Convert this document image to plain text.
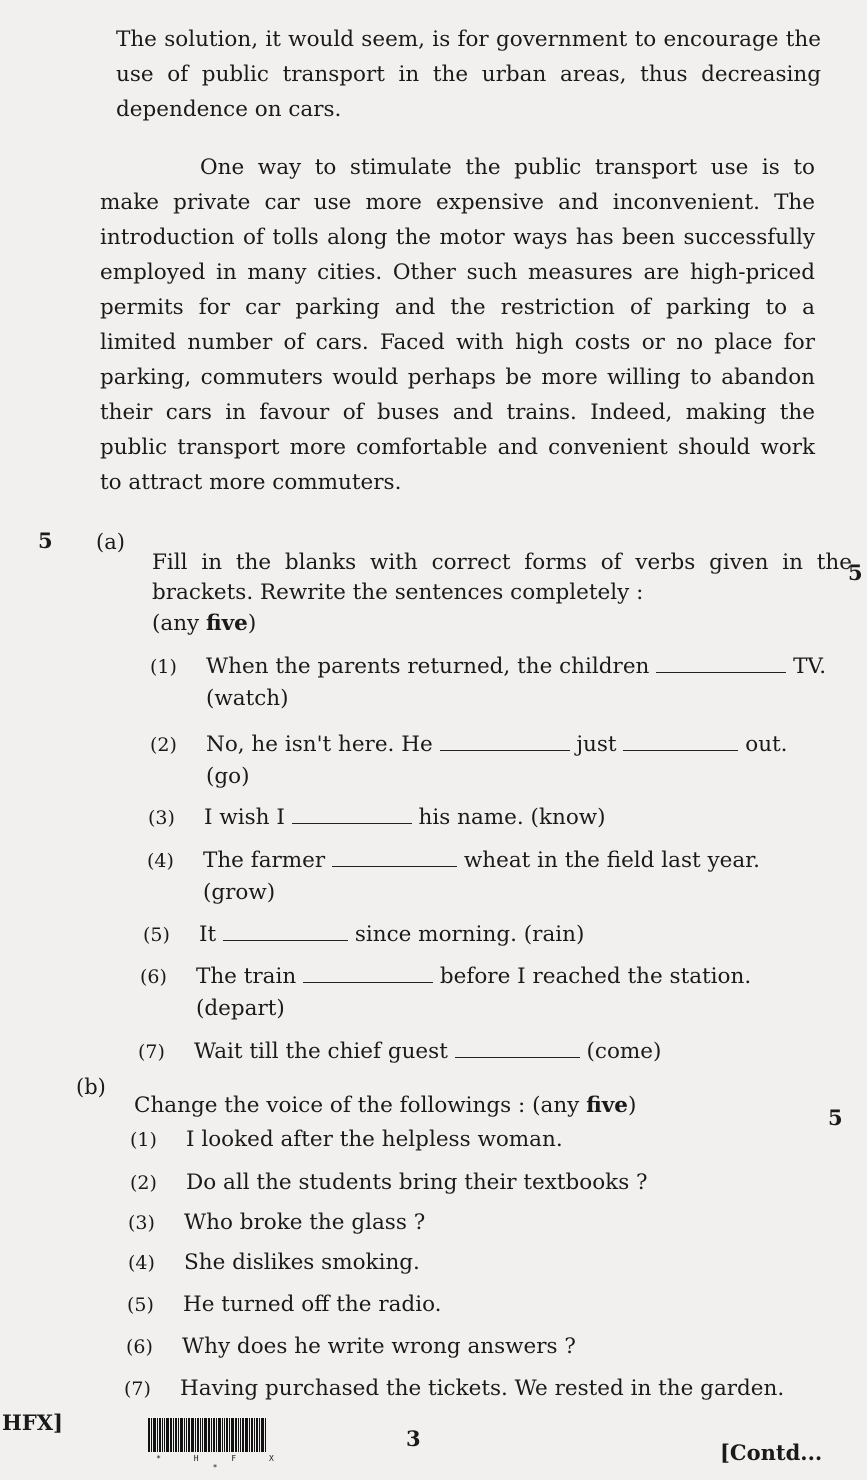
The solution, it would seem, is for government to encourage the use of public transport in the urban areas, thus decreasing dependence on cars.
One way to stimulate the public transport use is to make private car use more expensive and inconvenient. The introduction of tolls along the motor ways has been successfully employed in many cities. Other such measures are high-priced permits for car parking and the restriction of parking to a limited number of cars. Faced with high costs or no place for parking, commuters would perhaps be more willing to abandon their cars in favour of buses and trains. Indeed, making the public transport more comfortable and convenient should work to attract more commuters.
5 (a)
Fill in the blanks with correct forms of verbs given in the brackets. Rewrite the sentences completely :
(any five)
5
(1) When the parents returned, the children	TV.
(watch)
(2) No, he isn't here. He	just	out.
(go)
(3) I wish I	his name. (know)
(4) The farmer	wheat in the field last year.
(grow)
(5) It	since morning. (rain)
(6) The train	before I reached the station.
(depart)
(7) Wait till the chief guest	(come)
(b)
Change the voice of the followings : (any five)	5
(1) I looked after the helpless woman.
(2) Do all the students bring their textbooks ?
(3) Who broke the glass ?
(4) She dislikes smoking.
(5) He turned off the radio.
(6) Why does he write wrong answers ?
(7) Having purchased the tickets. We rested in the garden.
HFX]
* H F X *
3
[Contd...
